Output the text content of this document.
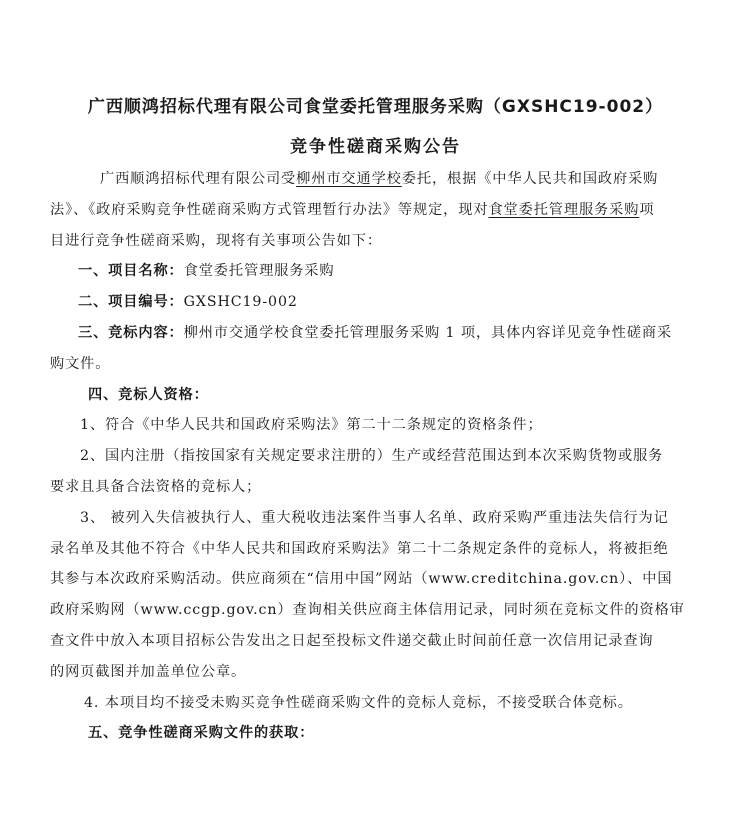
广西顺鸿招标代理有限公司食堂委托管理服务采购（GXSHC19-002）
竞争性磋商采购公告
广西顺鸿招标代理有限公司受柳州市交通学校委托，根据《中华人民共和国政府采购
法》、《政府采购竞争性磋商采购方式管理暂行办法》等规定，现对食堂委托管理服务采购项
目进行竞争性磋商采购，现将有关事项公告如下：
一、项目名称：食堂委托管理服务采购
二、项目编号：GXSHC19-002
三、竞标内容：柳州市交通学校食堂委托管理服务采购 1 项，具体内容详见竞争性磋商采
购文件。
四、竞标人资格：
1、符合《中华人民共和国政府采购法》第二十二条规定的资格条件；
2、国内注册（指按国家有关规定要求注册的）生产或经营范围达到本次采购货物或服务
要求且具备合法资格的竞标人；
3、 被列入失信被执行人、重大税收违法案件当事人名单、政府采购严重违法失信行为记
录名单及其他不符合《中华人民共和国政府采购法》第二十二条规定条件的竞标人，将被拒绝
其参与本次政府采购活动。供应商须在“信用中国”网站（www.creditchina.gov.cn）、中国
政府采购网（www.ccgp.gov.cn）查询相关供应商主体信用记录，同时须在竞标文件的资格审
查文件中放入本项目招标公告发出之日起至投标文件递交截止时间前任意一次信用记录查询
的网页截图并加盖单位公章。
4. 本项目均不接受未购买竞争性磋商采购文件的竞标人竞标，不接受联合体竞标。
五、竞争性磋商采购文件的获取：
